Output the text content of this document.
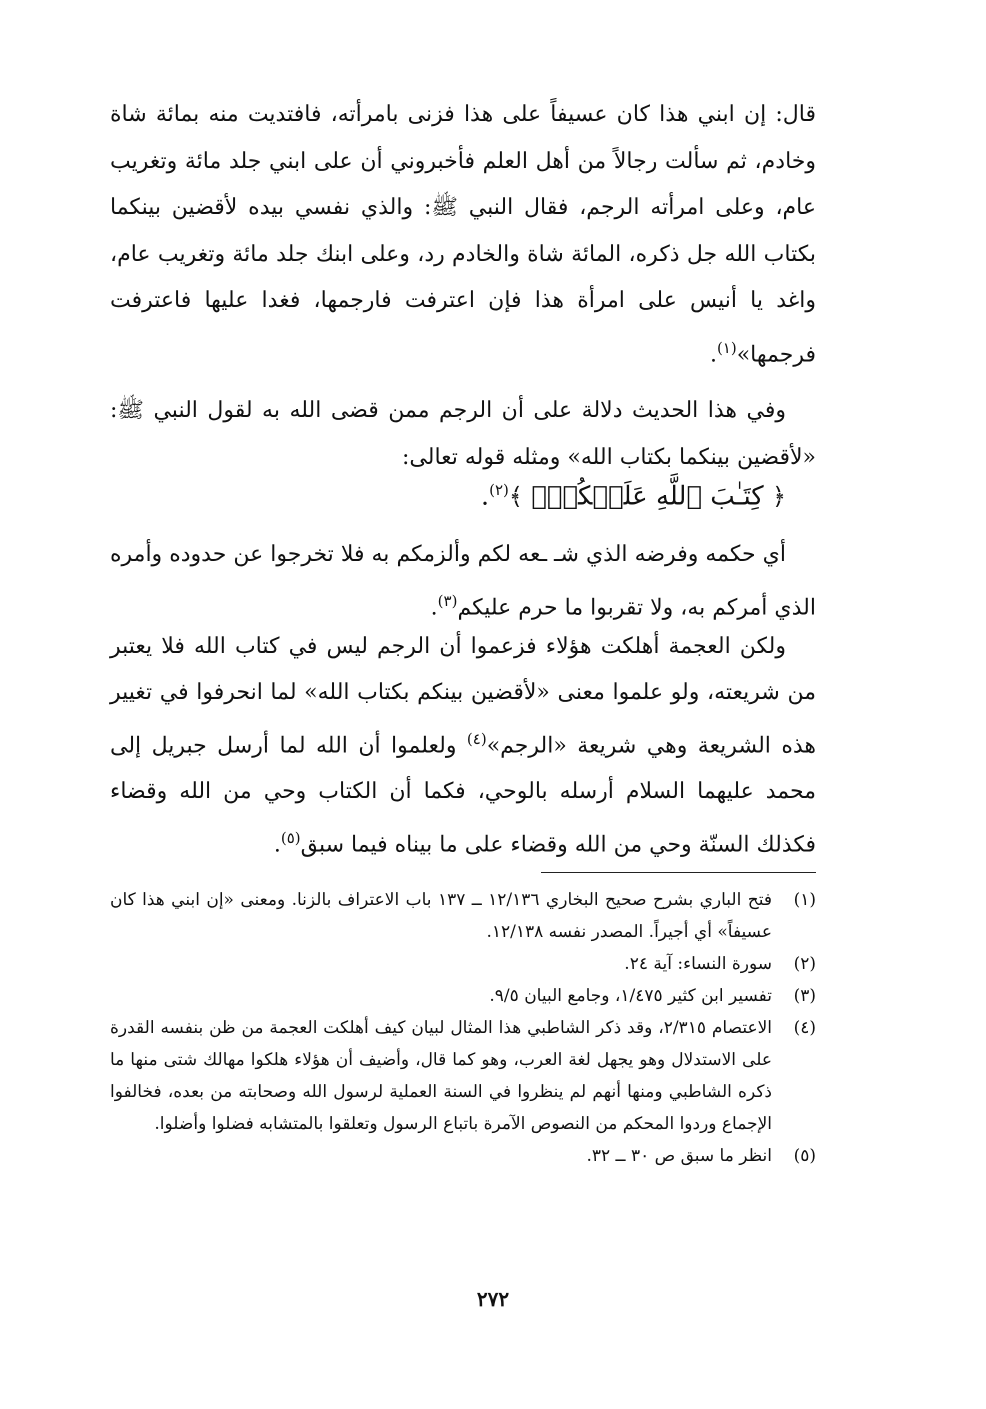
قال: إن ابني هذا كان عسيفاً على هذا فزنى بامرأته، فافتديت منه بمائة شاة وخادم، ثم سألت رجالاً من أهل العلم فأخبروني أن على ابني جلد مائة وتغريب عام، وعلى امرأته الرجم، فقال النبي ﷺ: والذي نفسي بيده لأقضين بينكما بكتاب الله جل ذكره، المائة شاة والخادم رد، وعلى ابنك جلد مائة وتغريب عام، واغد يا أنيس على امرأة هذا فإن اعترفت فارجمها، فغدا عليها فاعترفت فرجمها»$^{(١)}$.

وفي هذا الحديث دلالة على أن الرجم ممن قضى الله به لقول النبي ﷺ: «لأقضين بينكما بكتاب الله» ومثله قوله تعالى:

﴿ كِتَـٰبَ ٱللَّهِ عَلَيۡكُمۡۚ ﴾$^{(٢)}$.

أي حكمه وفرضه الذي شـ ـعه لكم وألزمكم به فلا تخرجوا عن حدوده وأمره الذي أمركم به، ولا تقربوا ما حرم عليكم$^{(٣)}$.

ولكن العجمة أهلكت هؤلاء فزعموا أن الرجم ليس في كتاب الله فلا يعتبر من شريعته، ولو علموا معنى «لأقضين بينكم بكتاب الله» لما انحرفوا في تغيير هذه الشريعة وهي شريعة «الرجم»$^{(٤)}$ ولعلموا أن الله لما أرسل جبريل إلى محمد عليهما السلام أرسله بالوحي، فكما أن الكتاب وحي من الله وقضاء فكذلك السنّة وحي من الله وقضاء على ما بيناه فيما سبق$^{(٥)}$.

(١)
فتح الباري بشرح صحيح البخاري ١٢/١٣٦ ــ ١٣٧ باب الاعتراف بالزنا. ومعنى «إن ابني هذا كان عسيفاً» أي أجيراً. المصدر نفسه ١٢/١٣٨.
(٢)
سورة النساء: آية ٢٤.
(٣)
تفسير ابن كثير ١/٤٧٥، وجامع البيان ٩/٥.
(٤)
الاعتصام ٢/٣١٥، وقد ذكر الشاطبي هذا المثال لبيان كيف أهلكت العجمة من ظن بنفسه القدرة على الاستدلال وهو يجهل لغة العرب، وهو كما قال، وأضيف أن هؤلاء هلكوا مهالك شتى منها ما ذكره الشاطبي ومنها أنهم لم ينظروا في السنة العملية لرسول الله وصحابته من بعده، فخالفوا الإجماع وردوا المحكم من النصوص الآمرة باتباع الرسول وتعلقوا بالمتشابه فضلوا وأضلوا.
(٥)
انظر ما سبق ص ٣٠ ــ ٣٢.
٢٧٢
